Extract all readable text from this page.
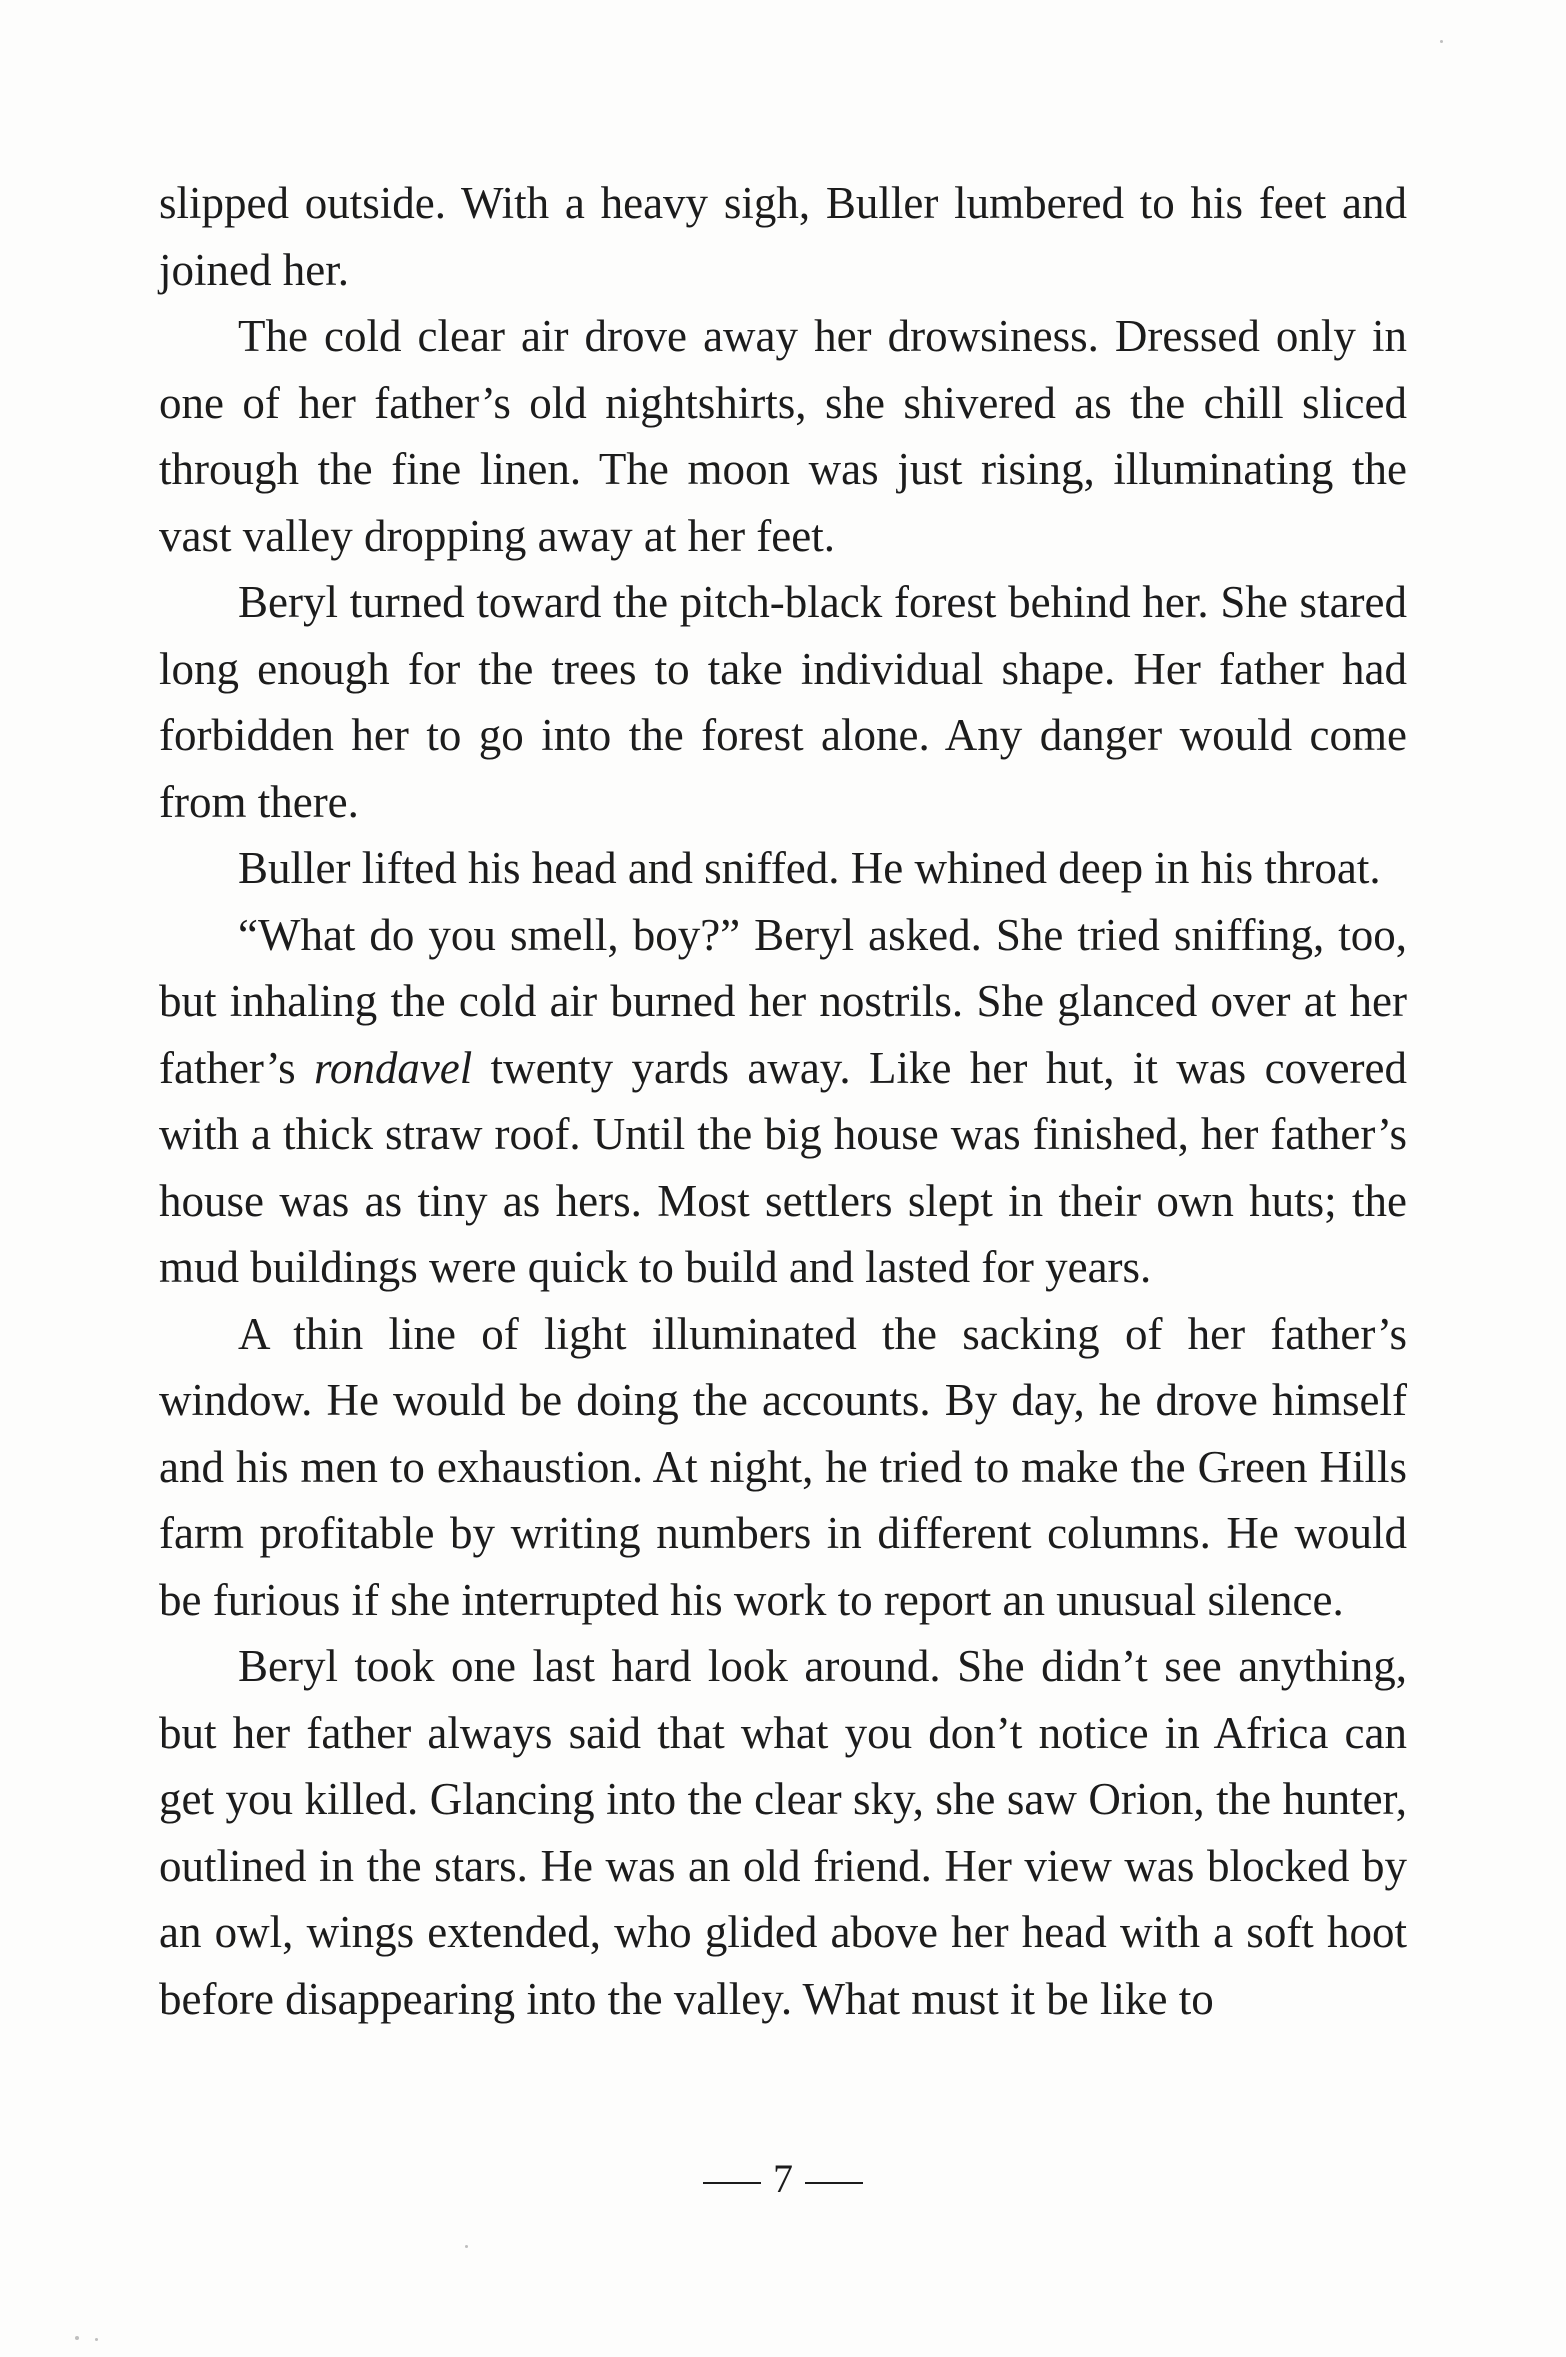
slipped outside. With a heavy sigh, Buller lumbered to his feet and joined her.

The cold clear air drove away her drowsiness. Dressed only in one of her father’s old nightshirts, she shivered as the chill sliced through the fine linen. The moon was just rising, illuminating the vast valley dropping away at her feet.

Beryl turned toward the pitch-black forest behind her. She stared long enough for the trees to take individual shape. Her father had forbidden her to go into the forest alone. Any danger would come from there.

Buller lifted his head and sniffed. He whined deep in his throat.

“What do you smell, boy?” Beryl asked. She tried sniffing, too, but inhaling the cold air burned her nostrils. She glanced over at her father’s rondavel twenty yards away. Like her hut, it was covered with a thick straw roof. Until the big house was finished, her father’s house was as tiny as hers. Most settlers slept in their own huts; the mud buildings were quick to build and lasted for years.

A thin line of light illuminated the sacking of her father’s window. He would be doing the accounts. By day, he drove himself and his men to exhaustion. At night, he tried to make the Green Hills farm profitable by writing numbers in different columns. He would be furious if she interrupted his work to report an unusual silence.

Beryl took one last hard look around. She didn’t see anything, but her father always said that what you don’t notice in Africa can get you killed. Glancing into the clear sky, she saw Orion, the hunter, outlined in the stars. He was an old friend. Her view was blocked by an owl, wings extended, who glided above her head with a soft hoot before disappearing into the valley. What must it be like to

7
